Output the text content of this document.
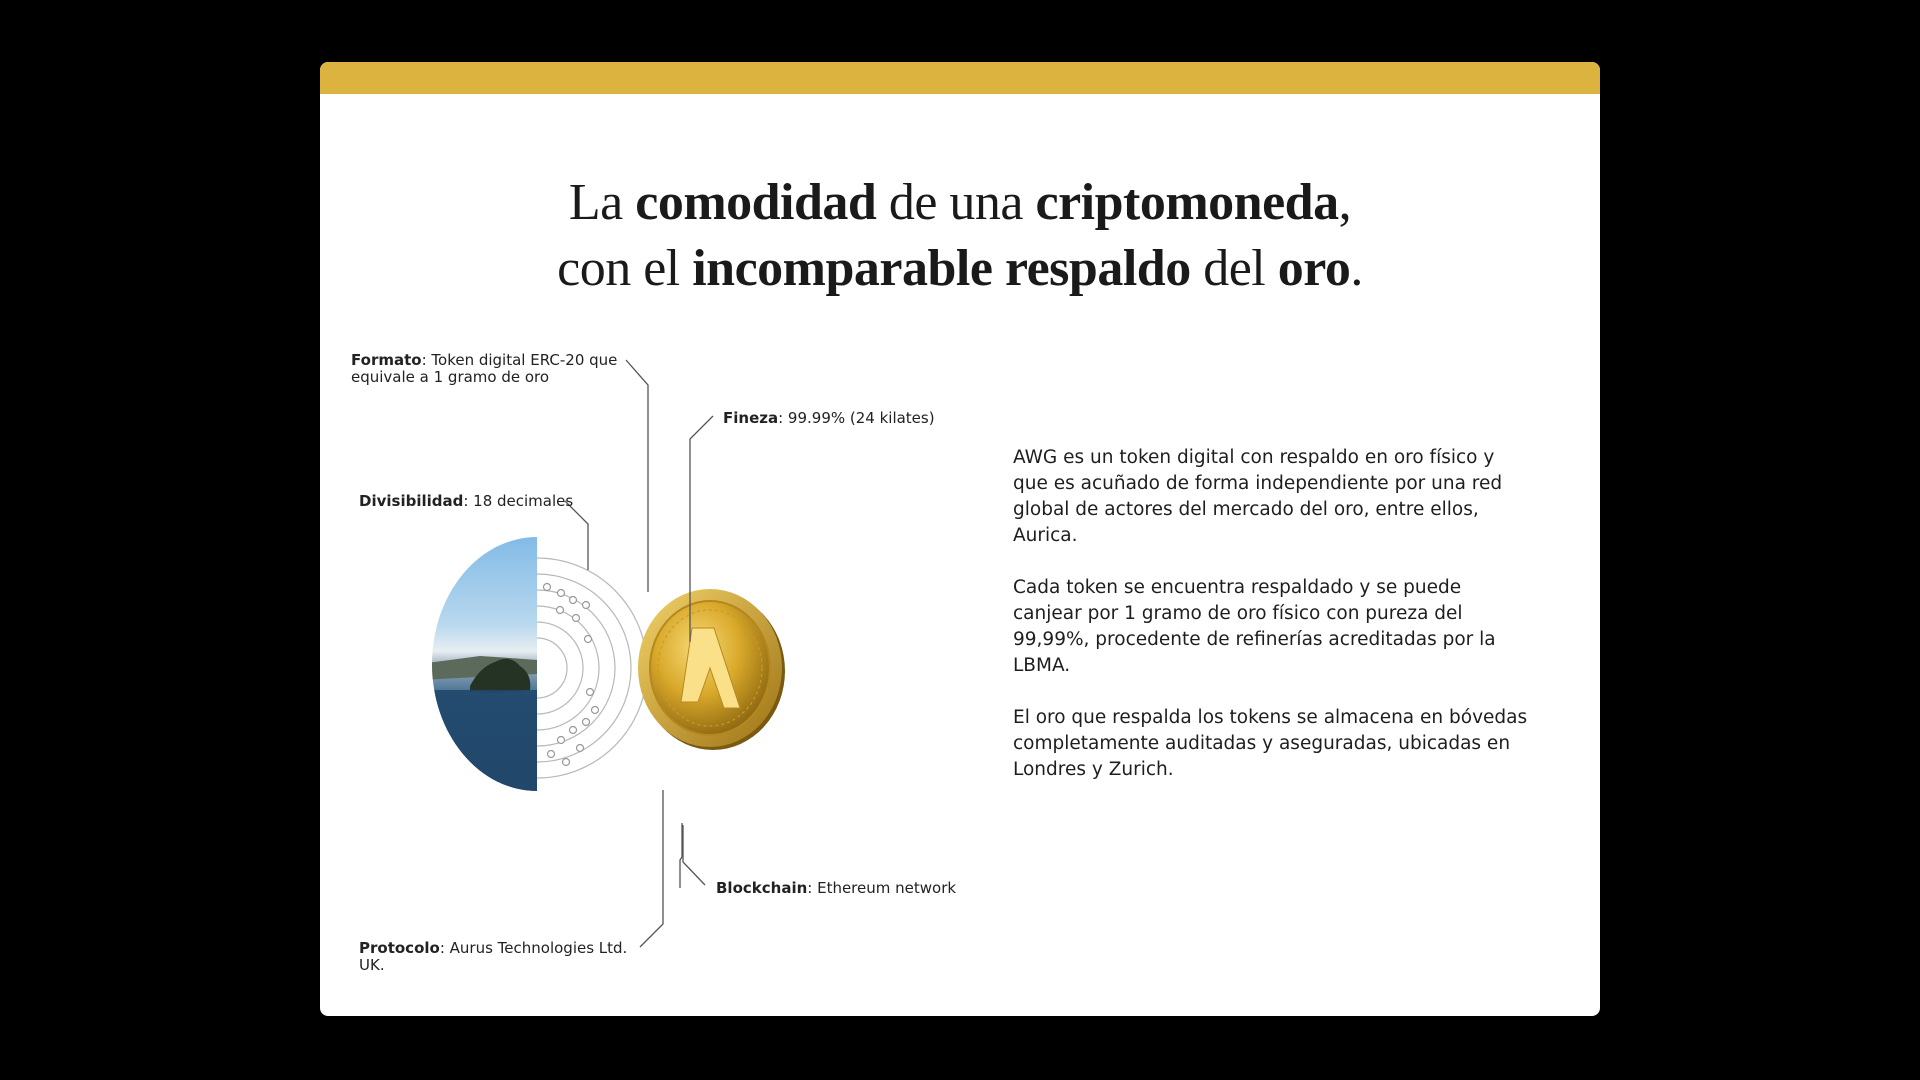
La comodidad de una criptomoneda,
con el incomparable respaldo del oro.
Formato: Token digital ERC-20 que equivale a 1 gramo de oro
Fineza: 99.99% (24 kilates)
Divisibilidad: 18 decimales
Blockchain: Ethereum network
Protocolo: Aurus Technologies Ltd. UK.

AWG es un token digital con respaldo en oro físico y que es acuñado de forma independiente por una red global de actores del mercado del oro, entre ellos, Aurica.

Cada token se encuentra respaldado y se puede canjear por 1 gramo de oro físico con pureza del 99,99%, procedente de refinerías acreditadas por la LBMA.

El oro que respalda los tokens se almacena en bóvedas completamente auditadas y aseguradas, ubicadas en Londres y Zurich.
